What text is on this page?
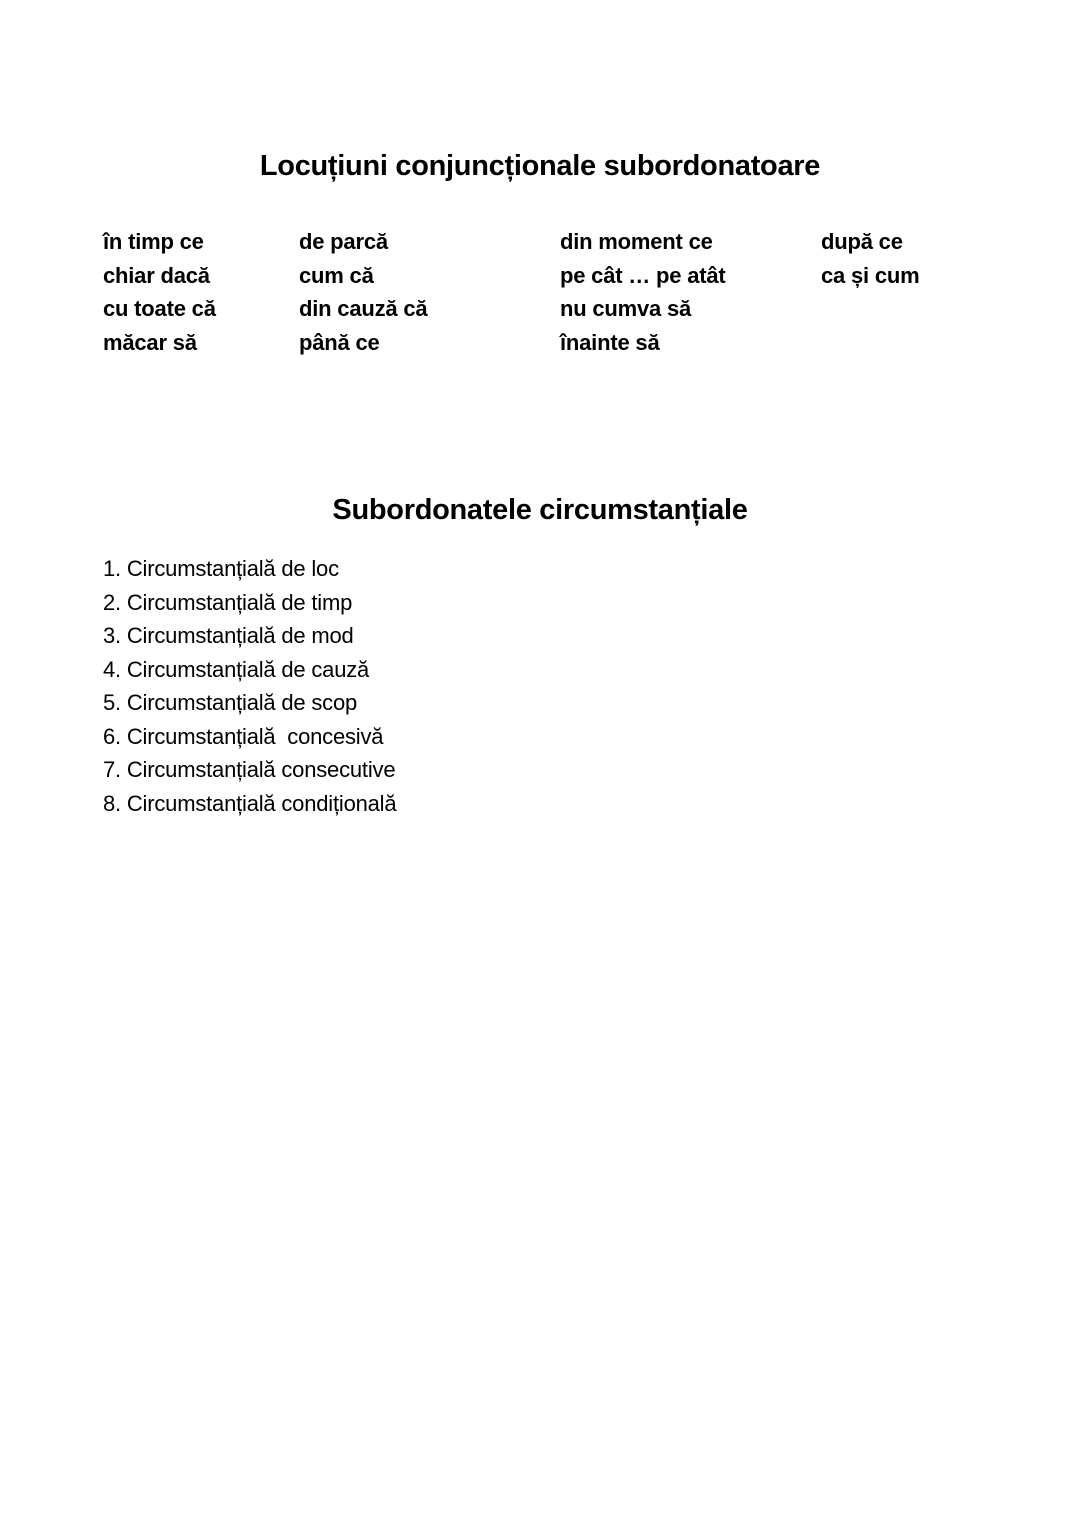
Locuțiuni conjuncționale subordonatoare
în timp ce
chiar dacă
cu toate că
măcar să
de parcă
cum că
din cauză că
până ce
din moment ce
pe cât … pe atât
nu cumva să
înainte să
după ce
ca și cum
Subordonatele circumstanțiale
1. Circumstanțială de loc
2. Circumstanțială de timp
3. Circumstanțială de mod
4. Circumstanțială de cauză
5. Circumstanțială de scop
6. Circumstanțială  concesivă
7. Circumstanțială consecutive
8. Circumstanțială condițională
